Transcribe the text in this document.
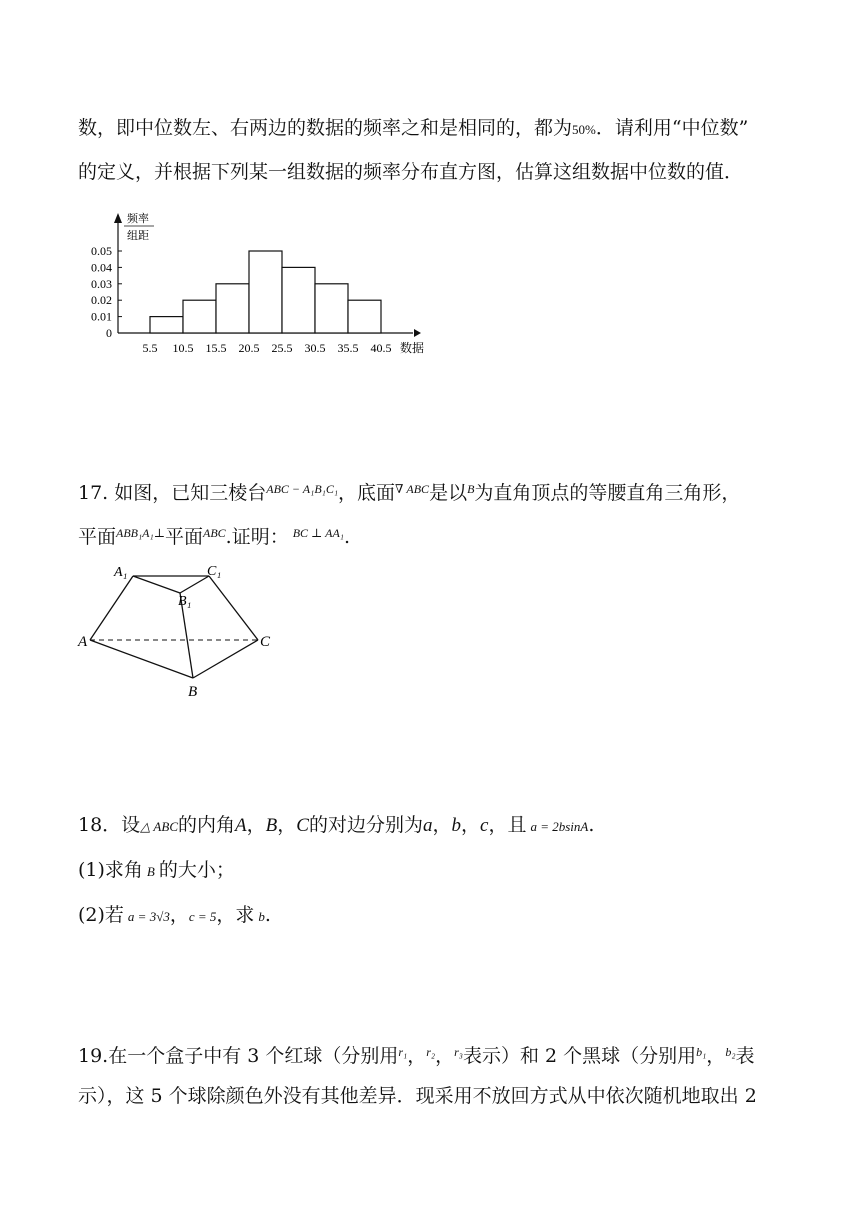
数，即中位数左、右两边的数据的频率之和是相同的，都为50%．请利用“中位数”
的定义，并根据下列某一组数据的频率分布直方图，估算这组数据中位数的值．
频率
组距
数据
0
0.01
0.02
0.03
0.04
0.05
5.5 10.5 15.5 20.5 25.5 30.5 35.5 40.5
17. 如图，已知三棱台$^{ABC - A_1B_1C_1}$，底面$^{\nabla ABC}$是以$^B$为直角顶点的等腰直角三角形，
平面$^{ABB_1A_1\perp}$平面$^{ABC}$.证明： $^{BC \perp AA_1}$.
A₁	C₁
B₁
A	C
B
18．设△ ABC的内角A，B，C的对边分别为a，b，c，且 a = 2bsinA.
(1)求角 B 的大小；
(2)若 a = 3√3，c = 5，求 b.
19.在一个盒子中有 3 个红球（分别用$^{r_1}$，$^{r_2}$，$^{r_3}$表示）和 2 个黑球（分别用$^{b_1}$，$^{b_2}$表
示），这 5 个球除颜色外没有其他差异．现采用不放回方式从中依次随机地取出 2
